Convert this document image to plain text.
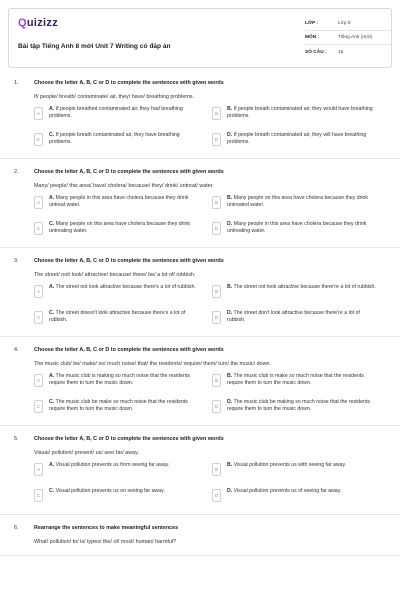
Quizizz
Bài tập Tiếng Anh 8 mới Unit 7 Writing có đáp án
LỚP :	Lớp 8
MÔN :	Tiếng Anh (mới)
SỐ CÂU :	15
1.	Choose the letter A, B, C or D to complete the sentences with given words
If/ people/ breath/ contaminate/ air, they/ have/ breathing problems.
A
A. If people breathed contaminated air, they had breathing problems.	B
B. If people breath contaminated air, they would have breathing problems.
C
C. If people breath contaminated air, they have breathing problems.	D
D. If people breath contaminated air, they will have breathing problems.
2.	Choose the letter A, B, C or D to complete the sentences with given words
Many/ people/ this area/ have/ cholera/ because/ they/ drink/ untreat/ water.
A
A. Many people in this area have cholera because they drink untreat water.	B
B. Many people on this area have cholera because they drink untreated water.
C
C. Many people on this area have cholera because they drink untreating water.	D
D. Many people in this area have cholera because they drink untreating water.
3.	Choose the letter A, B, C or D to complete the sentences with given words
The street/ not/ look/ attractive/ because/ there/ be/ a lot of/ rubbish.
A
A. The street not look attractive because there's a lot of rubbish.
B
B. The street not look attractive because there're a lot of rubbish.
C
C. The street doesn't look attractive because there's a lot of rubbish.	D
D. The street don't look attractive because there're a lot of rubbish.
4.	Choose the letter A, B, C or D to complete the sentences with given words
The music club/ be/ make/ so/ much noise/ that/ the residents/ require/ them/ turn/ the music/ down.
A
A. The music club is making so much noise that the residents require them to turn the music down.	B
B. The music club is make so much noise that the residents require them to turn the music down.
C
C. The music club be make so much noise that the residents require them to turn the music down.	D
D. The music club be making so much noise that the residents require them to turn the music down.
5.	Choose the letter A, B, C or D to complete the sentences with given words
Visual/ pollution/ prevent/ us/ see/ far/ away.
A
A. Visual pollution prevents us from seeing far away.
B
B. Visual pollution prevents us with seeing far away.
C
C. Visual pollution prevents us on seeing far away.
D
D. Visual pollution prevents us of seeing far away.
6.	Rearrange the sentences to make meaningful sentences
What/ pollution/ to/ is/ types/ the/ of/ most/ human/ harmful?
